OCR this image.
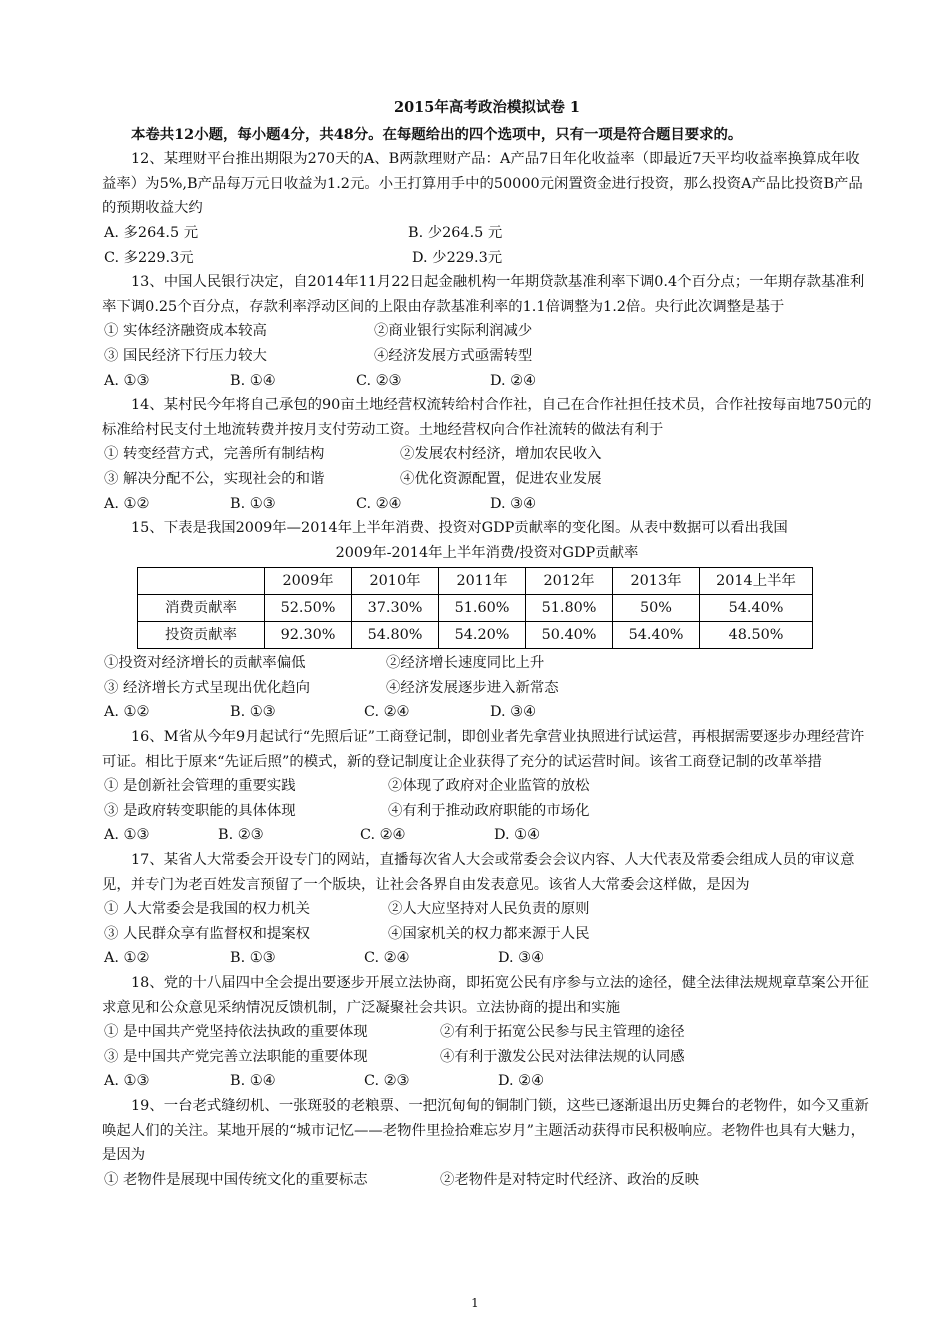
2015年高考政治模拟试卷 1
本卷共12小题，每小题4分，共48分。在每题给出的四个选项中，只有一项是符合题目要求的。
12、某理财平台推出期限为270天的A、B两款理财产品：A产品7日年化收益率（即最近7天平均收益率换算成年收益率）为5%,B产品每万元日收益为1.2元。小王打算用手中的50000元闲置资金进行投资，那么投资A产品比投资B产品的预期收益大约
A. 多264.5 元	B. 少264.5 元
C. 多229.3元	D. 少229.3元
13、中国人民银行决定，自2014年11月22日起金融机构一年期贷款基准利率下调0.4个百分点；一年期存款基准利率下调0.25个百分点，存款利率浮动区间的上限由存款基准利率的1.1倍调整为1.2倍。央行此次调整是基于
① 实体经济融资成本较高	②商业银行实际利润减少
③ 国民经济下行压力较大	④经济发展方式亟需转型
A. ①③	B. ①④	C. ②③	D. ②④
14、某村民今年将自己承包的90亩土地经营权流转给村合作社，自己在合作社担任技术员，合作社按每亩地750元的标准给村民支付土地流转费并按月支付劳动工资。土地经营权向合作社流转的做法有利于
① 转变经营方式，完善所有制结构	②发展农村经济，增加农民收入
③ 解决分配不公，实现社会的和谐	④优化资源配置，促进农业发展
A. ①②	B. ①③	C. ②④	D. ③④
15、下表是我国2009年—2014年上半年消费、投资对GDP贡献率的变化图。从表中数据可以看出我国
2009年-2014年上半年消费/投资对GDP贡献率
	2009年	2010年	2011年	2012年	2013年	2014上半年
消费贡献率	52.50%	37.30%	51.60%	51.80%	50%	54.40%
投资贡献率	92.30%	54.80%	54.20%	50.40%	54.40%	48.50%
①投资对经济增长的贡献率偏低	②经济增长速度同比上升
③ 经济增长方式呈现出优化趋向	④经济发展逐步进入新常态
A. ①②	B. ①③	C. ②④	D. ③④
16、M省从今年9月起试行“先照后证”工商登记制，即创业者先拿营业执照进行试运营，再根据需要逐步办理经营许可证。相比于原来“先证后照”的模式，新的登记制度让企业获得了充分的试运营时间。该省工商登记制的改革举措
① 是创新社会管理的重要实践	②体现了政府对企业监管的放松
③ 是政府转变职能的具体体现	④有利于推动政府职能的市场化
A. ①③	B. ②③	C. ②④	D. ①④
17、某省人大常委会开设专门的网站，直播每次省人大会或常委会会议内容、人大代表及常委会组成人员的审议意见，并专门为老百姓发言预留了一个版块，让社会各界自由发表意见。该省人大常委会这样做，是因为
① 人大常委会是我国的权力机关	②人大应坚持对人民负责的原则
③ 人民群众享有监督权和提案权	④国家机关的权力都来源于人民
A. ①②	B. ①③	C. ②④	D. ③④
18、党的十八届四中全会提出要逐步开展立法协商，即拓宽公民有序参与立法的途径，健全法律法规规章草案公开征求意见和公众意见采纳情况反馈机制，广泛凝聚社会共识。立法协商的提出和实施
① 是中国共产党坚持依法执政的重要体现	②有利于拓宽公民参与民主管理的途径
③ 是中国共产党完善立法职能的重要体现	④有利于激发公民对法律法规的认同感
A. ①③	B. ①④	C. ②③	D. ②④
19、一台老式缝纫机、一张斑驳的老粮票、一把沉甸甸的铜制门锁，这些已逐渐退出历史舞台的老物件，如今又重新唤起人们的关注。某地开展的“城市记忆——老物件里捡拾难忘岁月”主题活动获得市民积极响应。老物件也具有大魅力，是因为
① 老物件是展现中国传统文化的重要标志	②老物件是对特定时代经济、政治的反映
1
